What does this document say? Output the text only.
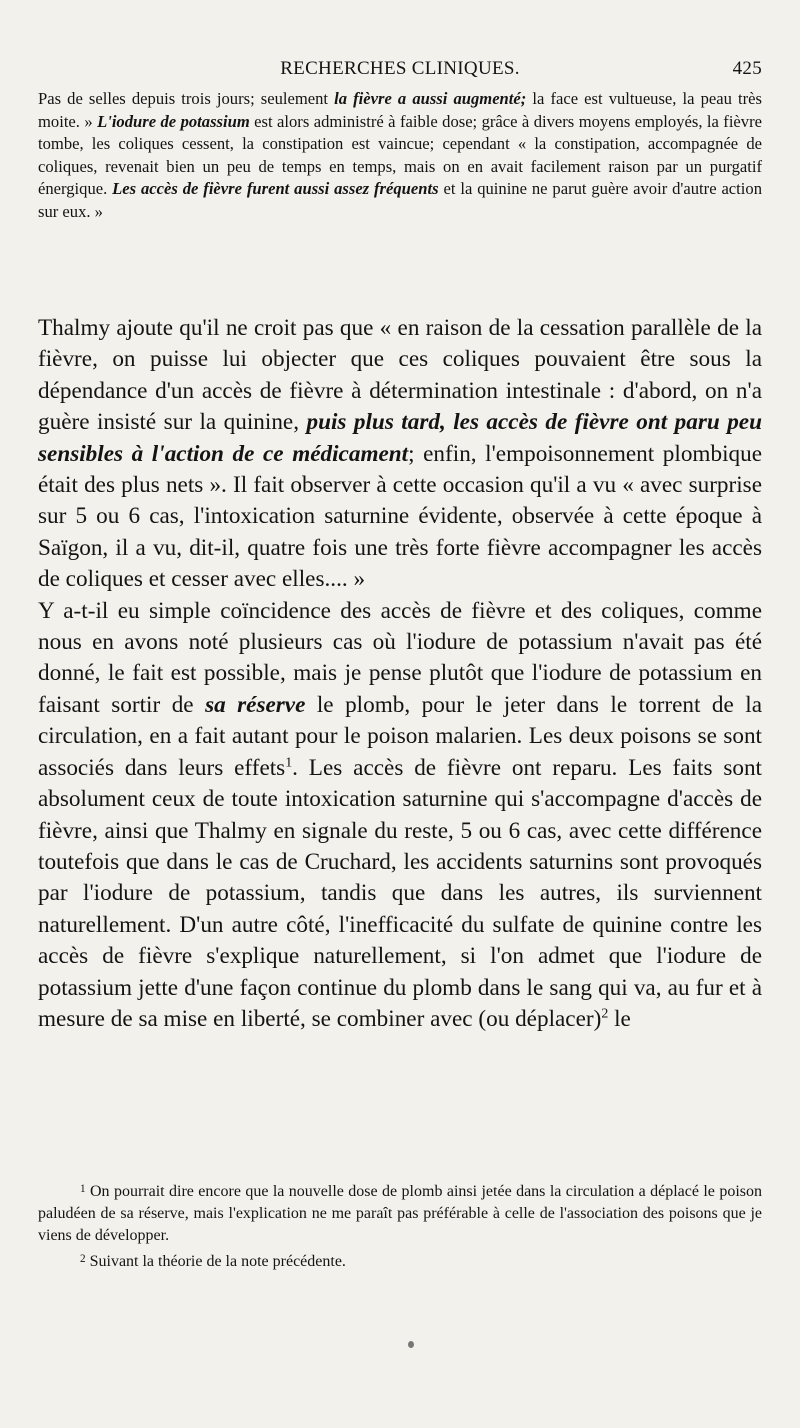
RECHERCHES CLINIQUES.	425
Pas de selles depuis trois jours; seulement la fièvre a aussi augmenté; la face est vultueuse, la peau très moite. » L'iodure de potassium est alors administré à faible dose; grâce à divers moyens employés, la fièvre tombe, les coliques cessent, la constipation est vaincue; cependant « la constipation, accompagnée de coliques, revenait bien un peu de temps en temps, mais on en avait facilement raison par un purgatif énergique. Les accès de fièvre furent aussi assez fréquents et la quinine ne parut guère avoir d'autre action sur eux. »

Thalmy ajoute qu'il ne croit pas que « en raison de la cessation parallèle de la fièvre, on puisse lui objecter que ces coliques pouvaient être sous la dépendance d'un accès de fièvre à détermination intestinale : d'abord, on n'a guère insisté sur la quinine, puis plus tard, les accès de fièvre ont paru peu sensibles à l'action de ce médicament; enfin, l'empoisonnement plombique était des plus nets ». Il fait observer à cette occasion qu'il a vu « avec surprise sur 5 ou 6 cas, l'intoxication saturnine évidente, observée à cette époque à Saïgon, il a vu, dit-il, quatre fois une très forte fièvre accompagner les accès de coliques et cesser avec elles.... »

Y a-t-il eu simple coïncidence des accès de fièvre et des coliques, comme nous en avons noté plusieurs cas où l'iodure de potassium n'avait pas été donné, le fait est possible, mais je pense plutôt que l'iodure de potassium en faisant sortir de sa réserve le plomb, pour le jeter dans le torrent de la circulation, en a fait autant pour le poison malarien. Les deux poisons se sont associés dans leurs effets$^1$. Les accès de fièvre ont reparu. Les faits sont absolument ceux de toute intoxication saturnine qui s'accompagne d'accès de fièvre, ainsi que Thalmy en signale du reste, 5 ou 6 cas, avec cette différence toutefois que dans le cas de Cruchard, les accidents saturnins sont provoqués par l'iodure de potassium, tandis que dans les autres, ils surviennent naturellement. D'un autre côté, l'inefficacité du sulfate de quinine contre les accès de fièvre s'explique naturellement, si l'on admet que l'iodure de potassium jette d'une façon continue du plomb dans le sang qui va, au fur et à mesure de sa mise en liberté, se combiner avec (ou déplacer)$^2$ le

$^1$ On pourrait dire encore que la nouvelle dose de plomb ainsi jetée dans la circulation a déplacé le poison paludéen de sa réserve, mais l'explication ne me paraît pas préférable à celle de l'association des poisons que je viens de développer.

$^2$ Suivant la théorie de la note précédente.
